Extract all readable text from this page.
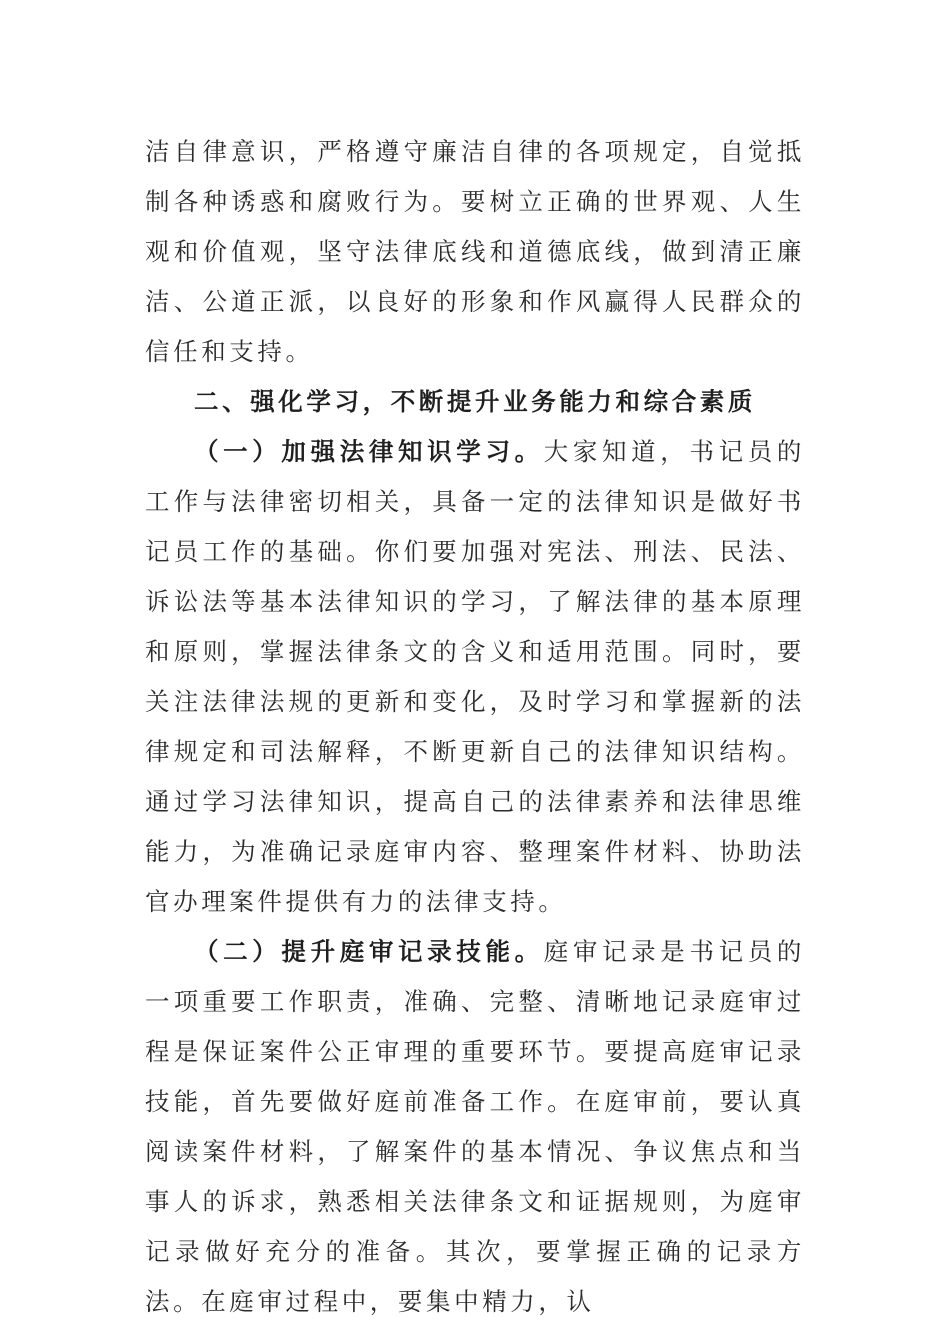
洁自律意识，严格遵守廉洁自律的各项规定，自觉抵制各种诱惑和腐败行为。要树立正确的世界观、人生观和价值观，坚守法律底线和道德底线，做到清正廉洁、公道正派，以良好的形象和作风赢得人民群众的信任和支持。

二、强化学习，不断提升业务能力和综合素质

（一）加强法律知识学习。大家知道，书记员的工作与法律密切相关，具备一定的法律知识是做好书记员工作的基础。你们要加强对宪法、刑法、民法、诉讼法等基本法律知识的学习，了解法律的基本原理和原则，掌握法律条文的含义和适用范围。同时，要关注法律法规的更新和变化，及时学习和掌握新的法律规定和司法解释，不断更新自己的法律知识结构。通过学习法律知识，提高自己的法律素养和法律思维能力，为准确记录庭审内容、整理案件材料、协助法官办理案件提供有力的法律支持。

（二）提升庭审记录技能。庭审记录是书记员的一项重要工作职责，准确、完整、清晰地记录庭审过程是保证案件公正审理的重要环节。要提高庭审记录技能，首先要做好庭前准备工作。在庭审前，要认真阅读案件材料，了解案件的基本情况、争议焦点和当事人的诉求，熟悉相关法律条文和证据规则，为庭审记录做好充分的准备。其次，要掌握正确的记录方法。在庭审过程中，要集中精力，认
